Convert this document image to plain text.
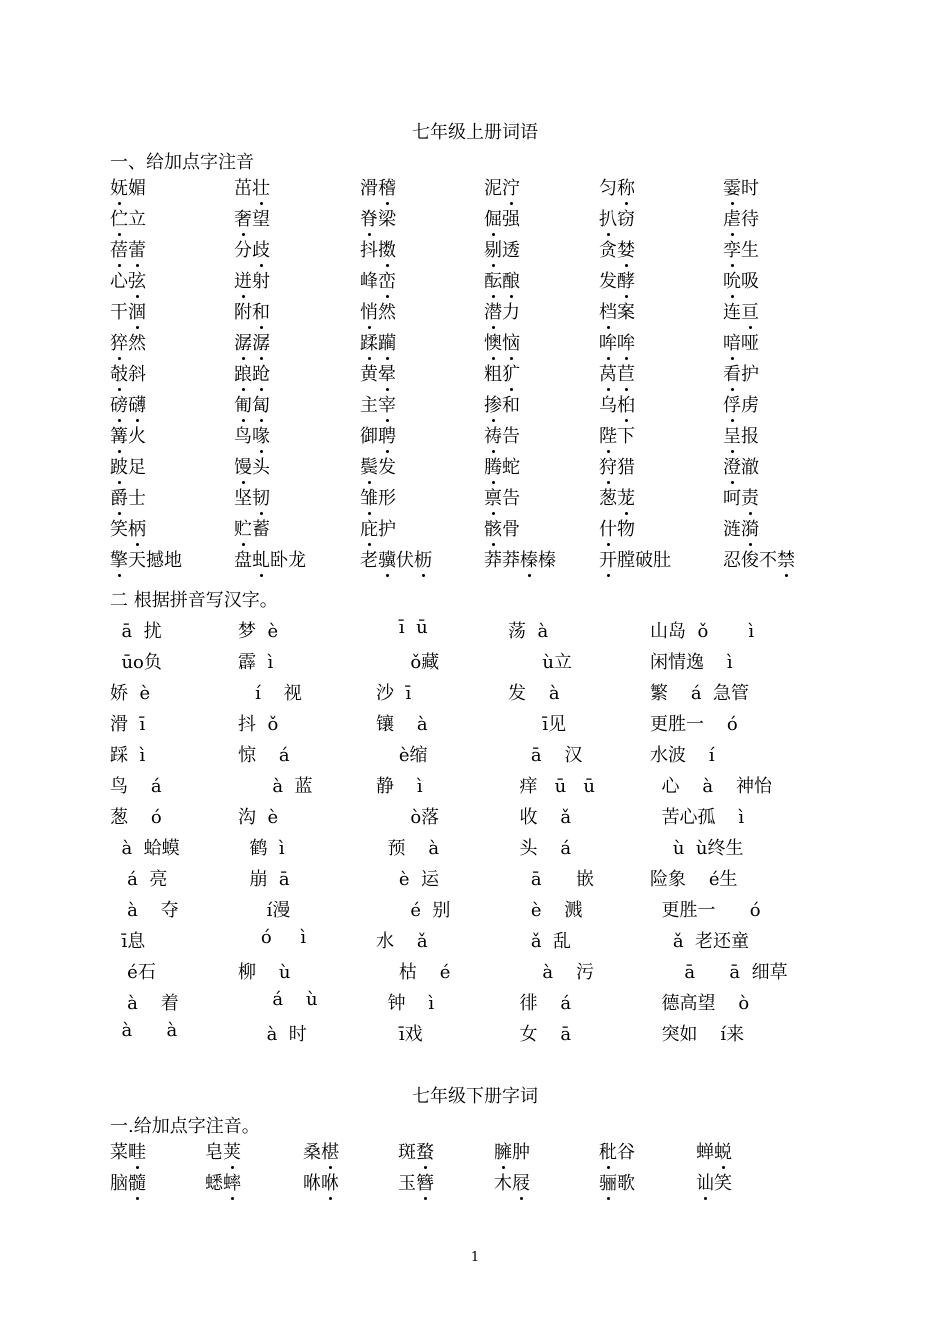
七年级上册词语
一、给加点字注音
妩媚	茁壮	滑稽	泥泞	匀称	霎时
伫立	奢望	脊梁	倔强	扒窃	虐待
蓓蕾	分歧	抖擞	剔透	贪婪	孪生
心弦	迸射	峰峦	酝酿	发酵	吮吸
干涸	附和	悄然	潜力	档案	连亘
猝然	潺潺	蹂躏	懊恼	哞哞	喑哑
攲斜	踉跄	黄晕	粗犷	莴苣	看护
磅礴	匍匐	主宰	掺和	乌桕	俘虏
篝火	鸟喙	御聘	祷告	陛下	呈报
跛足	馒头	鬓发	腾蛇	狩猎	澄澈
爵士	坚韧	雏形	禀告	葱茏	呵责
笑柄	贮蓄	庇护	骸骨	什物	涟漪
擎天撼地	盘虬卧龙	老骥伏枥	莽莽榛榛 开膛破肚	忍俊不禁
二 根据拼音写汉字。
ā  扰	梦  è	ī  ū	荡  à	山岛  ǒ       ì
ūo负	霹  ì	ǒ藏	ù立	闲情逸    ì
娇  è	í    视	沙  ī	发    à	繁    á  急管
滑  ī	抖  ǒ	镶    à	ī见	更胜一    ó
踩  ì	惊    á	è缩	ā    汉	水波    í
鸟    á	à  蓝	静    ì	痒   ū   ū	心    à    神怡
葱    ó	沟  è	ò落	收    ǎ	苦心孤    ì
à  蛤蟆	鹤  ì	预    à	头    á	ù  ù终生
á  亮	崩  ā	è  运	ā      嵌	险象    é生
à    夺	í漫	é  别	è    溅	更胜一      ó
ī息	ó     ì	水    ǎ	ǎ  乱	ǎ  老还童
é石	柳    ù	枯    é	à    污	ā      ā  细草
à    着	á    ù	钟    ì	徘    á	德高望    ò
à      à	à  时	ī戏	女    ā	突如    í来
七年级下册字词
一.给加点字注音。
菜畦	皂荚	桑椹	斑蝥	臃肿	秕谷	蝉蜕
脑髓	蟋蟀	咻咻	玉簪	木屐	骊歌	讪笑
1
